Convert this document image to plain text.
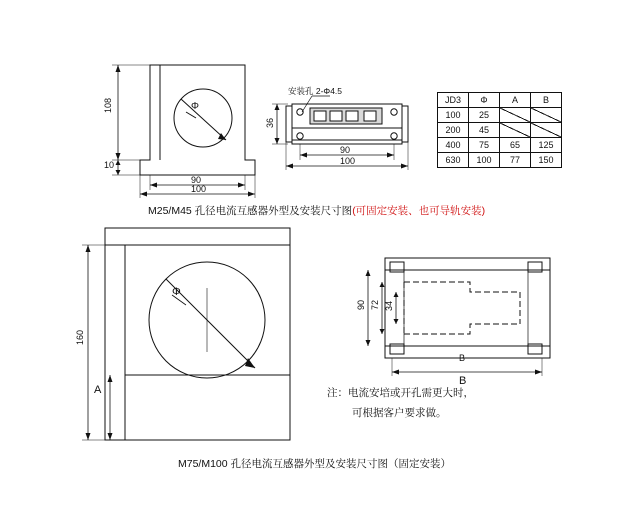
108
10
Φ
90
100
安装孔 2-Φ4.5
36
90
100
JD3	Φ	A	B
100	25		
200	45		
400	75	65	125
630	100	77	150
M25/M45 孔径电流互感器外型及安装尺寸图(可固定安装、也可导轨安装)
160
A
Φ
90 72 34
B
B
注：电流安培或开孔需更大时，
可根据客户要求做。
M75/M100 孔径电流互感器外型及安装尺寸图（固定安装）
